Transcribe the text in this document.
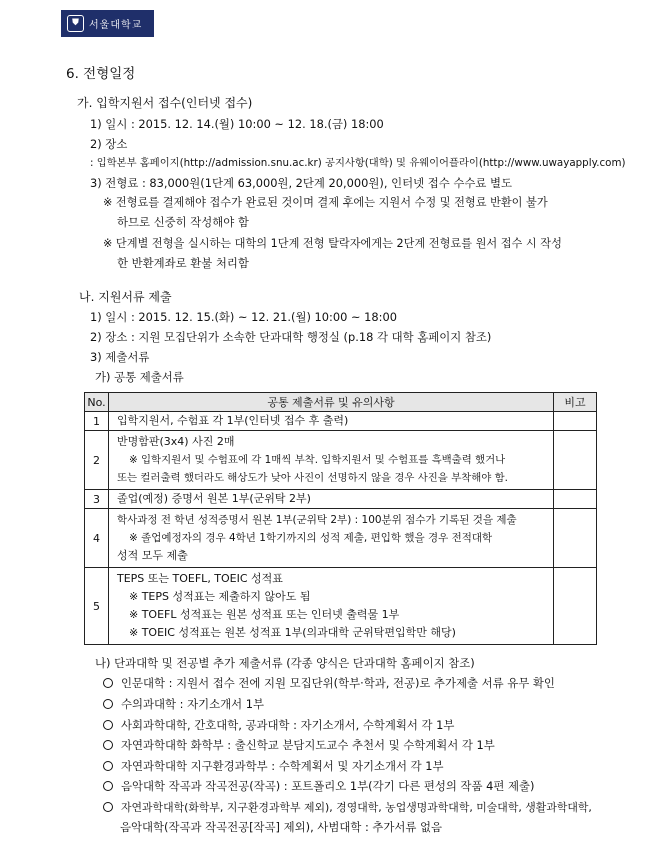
⛊	서울대학교
6. 전형일정
가. 입학지원서 접수(인터넷 접수)
1) 일시 : 2015. 12. 14.(월) 10:00 ~ 12. 18.(금) 18:00
2) 장소
: 입학본부 홈페이지(http://admission.snu.ac.kr) 공지사항(대학) 및 유웨이어플라이(http://www.uwayapply.com)
3) 전형료 : 83,000원(1단계 63,000원, 2단계 20,000원), 인터넷 접수 수수료 별도
※ 전형료를 결제해야 접수가 완료된 것이며 결제 후에는 지원서 수정 및 전형료 반환이 불가
하므로 신중히 작성해야 함
※ 단계별 전형을 실시하는 대학의 1단계 전형 탈락자에게는 2단계 전형료를 원서 접수 시 작성
한 반환계좌로 환불 처리함
나. 지원서류 제출
1) 일시 : 2015. 12. 15.(화) ~ 12. 21.(월) 10:00 ~ 18:00
2) 장소 : 지원 모집단위가 소속한 단과대학 행정실 (p.18 각 대학 홈페이지 참조)
3) 제출서류
가) 공통 제출서류
No.	공통 제출서류 및 유의사항	비고
1	입학지원서, 수험표 각 1부(인터넷 접수 후 출력)	

2	반명함판(3x4) 사진 2매
※ 입학지원서 및 수험표에 각 1매씩 부착. 입학지원서 및 수험표를 흑백출력 했거나
또는 컬러출력 했더라도 해상도가 낮아 사진이 선명하지 않을 경우 사진을 부착해야 함.	

3	졸업(예정) 증명서 원본 1부(군위탁 2부)	

4	학사과정 전 학년 성적증명서 원본 1부(군위탁 2부) : 100분위 점수가 기록된 것을 제출
※ 졸업예정자의 경우 4학년 1학기까지의 성적 제출, 편입학 했을 경우 전적대학
성적 모두 제출	

5	TEPS 또는 TOEFL, TOEIC 성적표
※ TEPS 성적표는 제출하지 않아도 됨
※ TOEFL 성적표는 원본 성적표 또는 인터넷 출력물 1부
※ TOEIC 성적표는 원본 성적표 1부(의과대학 군위탁편입학만 해당)	

나) 단과대학 및 전공별 추가 제출서류 (각종 양식은 단과대학 홈페이지 참조)
인문대학 : 지원서 접수 전에 지원 모집단위(학부·학과, 전공)로 추가제출 서류 유무 확인
수의과대학 : 자기소개서 1부
사회과학대학, 간호대학, 공과대학 : 자기소개서, 수학계획서 각 1부
자연과학대학 화학부 : 출신학교 분담지도교수 추천서 및 수학계획서 각 1부
자연과학대학 지구환경과학부 : 수학계획서 및 자기소개서 각 1부
음악대학 작곡과 작곡전공(작곡) : 포트폴리오 1부(각기 다른 편성의 작품 4편 제출)
자연과학대학(화학부, 지구환경과학부 제외), 경영대학, 농업생명과학대학, 미술대학, 생활과학대학,
음악대학(작곡과 작곡전공[작곡] 제외), 사범대학 : 추가서류 없음
